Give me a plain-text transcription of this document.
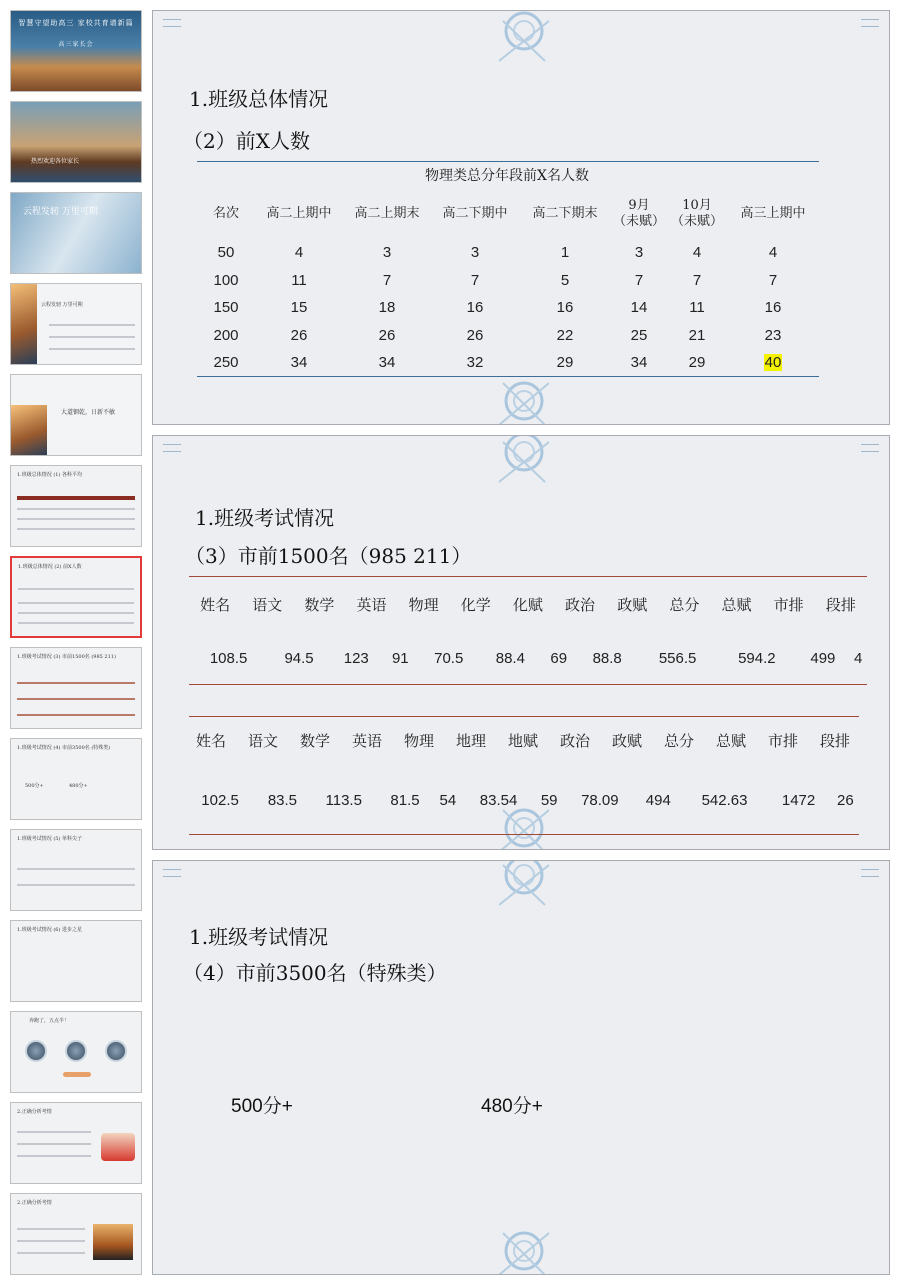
智慧守望助高三 家校共育谱新篇
高三家长会
热烈欢迎各位家长
云程发轫 万里可期
云程发轫 万里可期
大道铟乾，日新不敏
1.班级总体情况 (1) 各科平均
1.班级总体情况 (2) 前X人数
1.班级考试情况 (3) 市前1500名 (985 211)
1.班级考试情况 (4) 市前3500名 (特殊类)
500分+	480分+
1.班级考试情况 (5) 单科尖子
1.班级考试情况 (6) 进步之星
奔跑了，五点半！
2.正确分析考情
2.正确分析考情
1.班级总体情况
（2）前X人数
物理类总分年段前X名人数
名次	高二上期中	高二上期末	高二下期中	高二下期末	9月
（未赋）	10月
（未赋）	高三上期中
50	4	3	3	1	3	4	4
100	11	7	7	5	7	7	7
150	15	18	16	16	14	11	16
200	26	26	26	22	25	21	23
250	34	34	32	29	34	29	40
1.班级考试情况
（3）市前1500名（985 211）
姓名	语文	数学	英语	物理	化学	化赋	政治	政赋	总分	总赋	市排	段排
	108.5	94.5	123	91	70.5	88.4	69	88.8	556.5	594.2	499	4
姓名	语文	数学	英语	物理	地理	地赋	政治	政赋	总分	总赋	市排	段排
	102.5	83.5	113.5	81.5	54	83.54	59	78.09	494	542.63	1472	26
1.班级考试情况
（4）市前3500名（特殊类）
500分+	480分+
